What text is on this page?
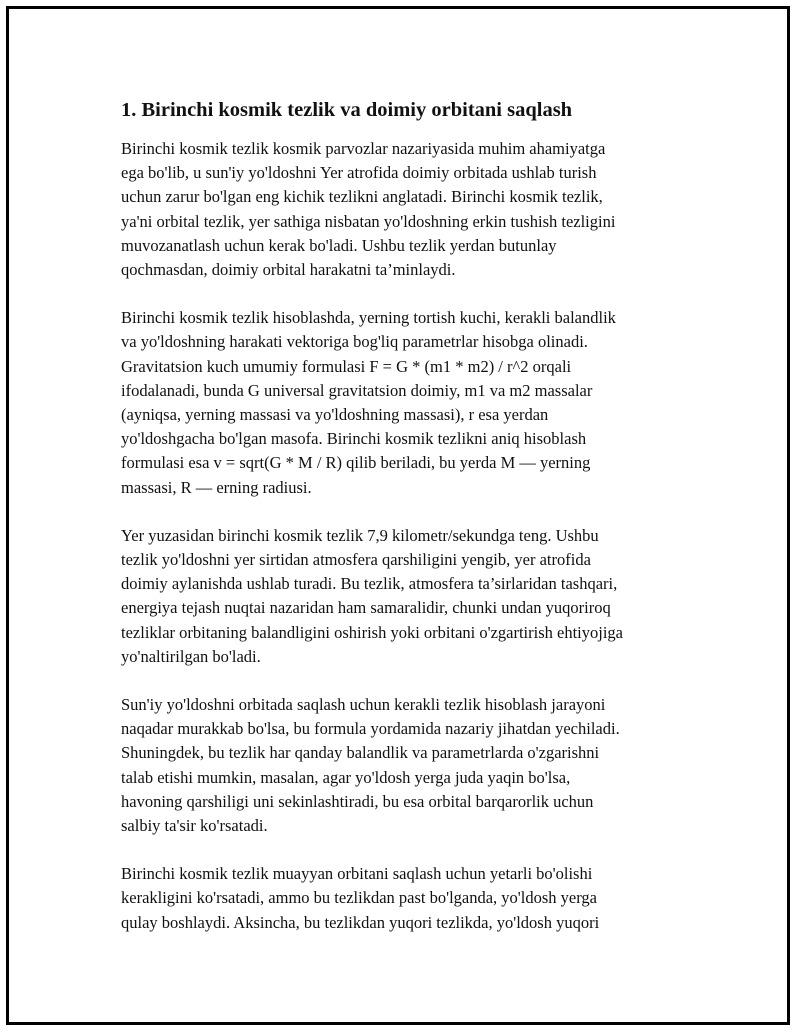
1. Birinchi kosmik tezlik va doimiy orbitani saqlash
Birinchi kosmik tezlik kosmik parvozlar nazariyasida muhim ahamiyatga
ega bo'lib, u sun'iy yo'ldoshni Yer atrofida doimiy orbitada ushlab turish
uchun zarur bo'lgan eng kichik tezlikni anglatadi. Birinchi kosmik tezlik,
ya'ni orbital tezlik, yer sathiga nisbatan yo'ldoshning erkin tushish tezligini
muvozanatlash uchun kerak bo'ladi. Ushbu tezlik yerdan butunlay
qochmasdan, doimiy orbital harakatni ta’minlaydi.
Birinchi kosmik tezlik hisoblashda, yerning tortish kuchi, kerakli balandlik
va yo'ldoshning harakati vektoriga bog'liq parametrlar hisobga olinadi.
Gravitatsion kuch umumiy formulasi F = G * (m1 * m2) / r^2 orqali
ifodalanadi, bunda G universal gravitatsion doimiy, m1 va m2 massalar
(ayniqsa, yerning massasi va yo'ldoshning massasi), r esa yerdan
yo'ldoshgacha bo'lgan masofa. Birinchi kosmik tezlikni aniq hisoblash
formulasi esa v = sqrt(G * M / R) qilib beriladi, bu yerda M — yerning
massasi, R — erning radiusi.
Yer yuzasidan birinchi kosmik tezlik 7,9 kilometr/sekundga teng. Ushbu
tezlik yo'ldoshni yer sirtidan atmosfera qarshiligini yengib, yer atrofida
doimiy aylanishda ushlab turadi. Bu tezlik, atmosfera ta’sirlaridan tashqari,
energiya tejash nuqtai nazaridan ham samaralidir, chunki undan yuqoriroq
tezliklar orbitaning balandligini oshirish yoki orbitani o'zgartirish ehtiyojiga
yo'naltirilgan bo'ladi.
Sun'iy yo'ldoshni orbitada saqlash uchun kerakli tezlik hisoblash jarayoni
naqadar murakkab bo'lsa, bu formula yordamida nazariy jihatdan yechiladi.
Shuningdek, bu tezlik har qanday balandlik va parametrlarda o'zgarishni
talab etishi mumkin, masalan, agar yo'ldosh yerga juda yaqin bo'lsa,
havoning qarshiligi uni sekinlashtiradi, bu esa orbital barqarorlik uchun
salbiy ta'sir ko'rsatadi.
Birinchi kosmik tezlik muayyan orbitani saqlash uchun yetarli bo'olishi
kerakligini ko'rsatadi, ammo bu tezlikdan past bo'lganda, yo'ldosh yerga
qulay boshlaydi. Aksincha, bu tezlikdan yuqori tezlikda, yo'ldosh yuqori
